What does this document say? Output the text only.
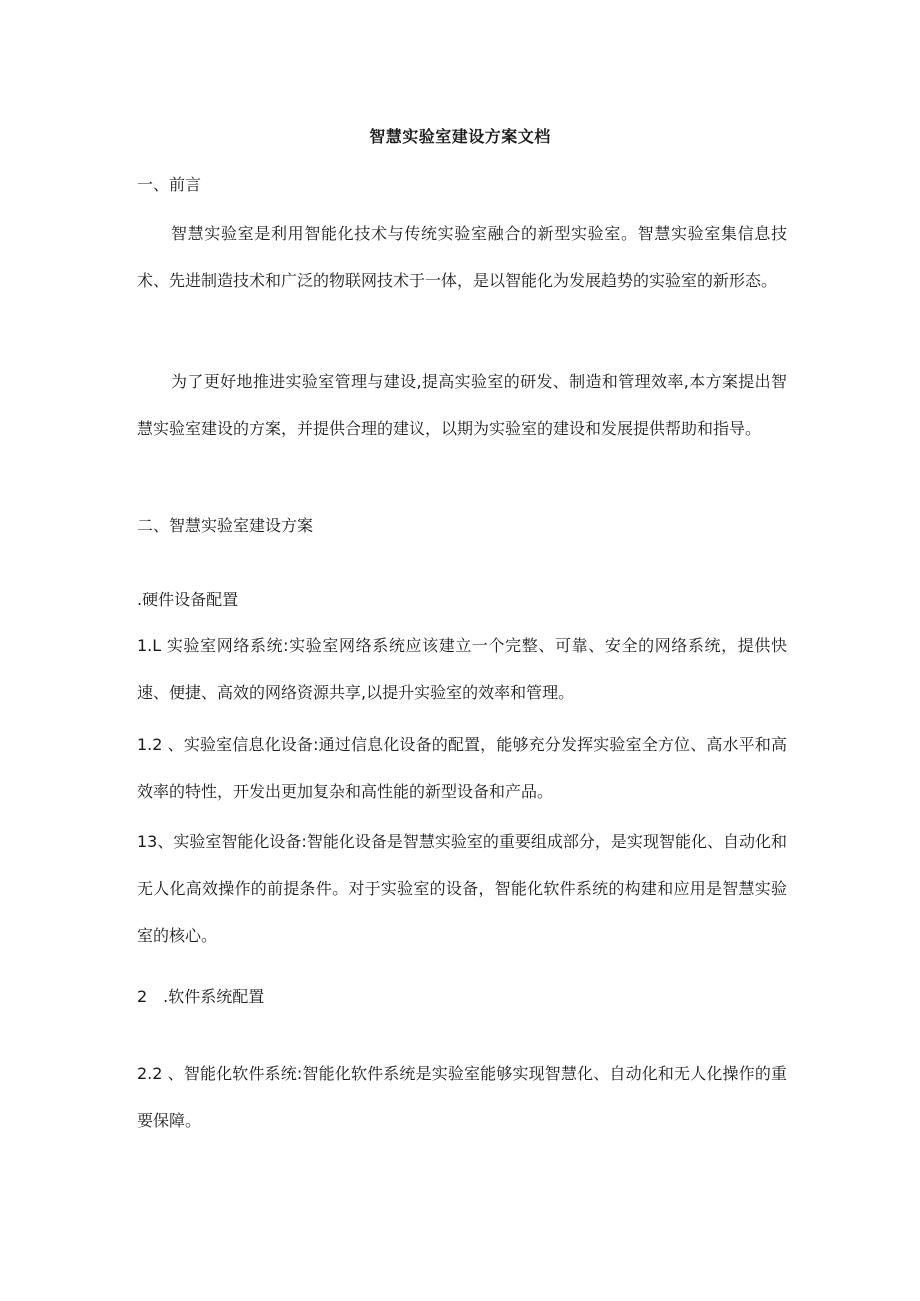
智慧实验室建设方案文档
一、前言
智慧实验室是利用智能化技术与传统实验室融合的新型实验室。智慧实验室集信息技术、先进制造技术和广泛的物联网技术于一体，是以智能化为发展趋势的实验室的新形态。
为了更好地推进实验室管理与建设,提高实验室的研发、制造和管理效率,本方案提出智慧实验室建设的方案，并提供合理的建议，以期为实验室的建设和发展提供帮助和指导。
二、智慧实验室建设方案
.硬件设备配置
1.L 实验室网络系统:实验室网络系统应该建立一个完整、可靠、安全的网络系统，提供快速、便捷、高效的网络资源共享,以提升实验室的效率和管理。
1.2 、实验室信息化设备:通过信息化设备的配置，能够充分发挥实验室全方位、高水平和高效率的特性，开发出更加复杂和高性能的新型设备和产品。
13、实验室智能化设备:智能化设备是智慧实验室的重要组成部分，是实现智能化、自动化和无人化高效操作的前提条件。对于实验室的设备，智能化软件系统的构建和应用是智慧实验室的核心。
2　.软件系统配置
2.2 、智能化软件系统:智能化软件系统是实验室能够实现智慧化、自动化和无人化操作的重要保障。
